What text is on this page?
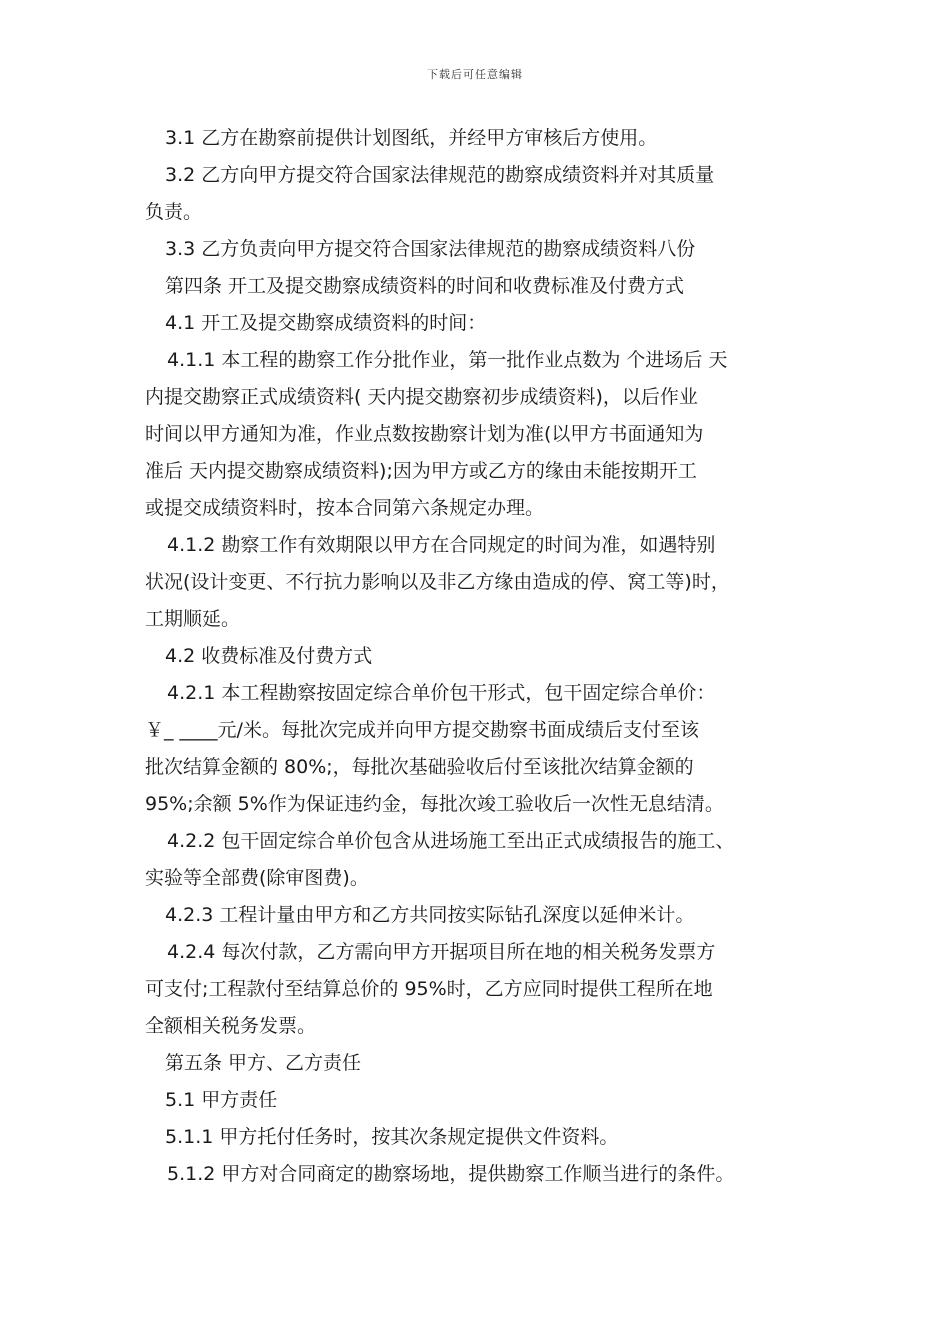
下载后可任意编辑
3.1 乙方在勘察前提供计划图纸，并经甲方审核后方使用。
3.2 乙方向甲方提交符合国家法律规范的勘察成绩资料并对其质量
负责。
3.3 乙方负责向甲方提交符合国家法律规范的勘察成绩资料八份
第四条 开工及提交勘察成绩资料的时间和收费标准及付费方式
4.1 开工及提交勘察成绩资料的时间：
4.1.1 本工程的勘察工作分批作业，第一批作业点数为 个进场后 天
内提交勘察正式成绩资料( 天内提交勘察初步成绩资料)，以后作业
时间以甲方通知为准，作业点数按勘察计划为准(以甲方书面通知为
准后 天内提交勘察成绩资料);因为甲方或乙方的缘由未能按期开工
或提交成绩资料时，按本合同第六条规定办理。
4.1.2 勘察工作有效期限以甲方在合同规定的时间为准，如遇特别
状况(设计变更、不行抗力影响以及非乙方缘由造成的停、窝工等)时，
工期顺延。
4.2 收费标准及付费方式
4.2.1 本工程勘察按固定综合单价包干形式，包干固定综合单价：
￥_ ____元/米。每批次完成并向甲方提交勘察书面成绩后支付至该
批次结算金额的 80%;，每批次基础验收后付至该批次结算金额的
95%;余额 5%作为保证违约金，每批次竣工验收后一次性无息结清。
4.2.2 包干固定综合单价包含从进场施工至出正式成绩报告的施工、
实验等全部费(除审图费)。
4.2.3 工程计量由甲方和乙方共同按实际钻孔深度以延伸米计。
4.2.4 每次付款，乙方需向甲方开据项目所在地的相关税务发票方
可支付;工程款付至结算总价的 95%时，乙方应同时提供工程所在地
全额相关税务发票。
第五条 甲方、乙方责任
5.1 甲方责任
5.1.1 甲方托付任务时，按其次条规定提供文件资料。
5.1.2 甲方对合同商定的勘察场地，提供勘察工作顺当进行的条件。
